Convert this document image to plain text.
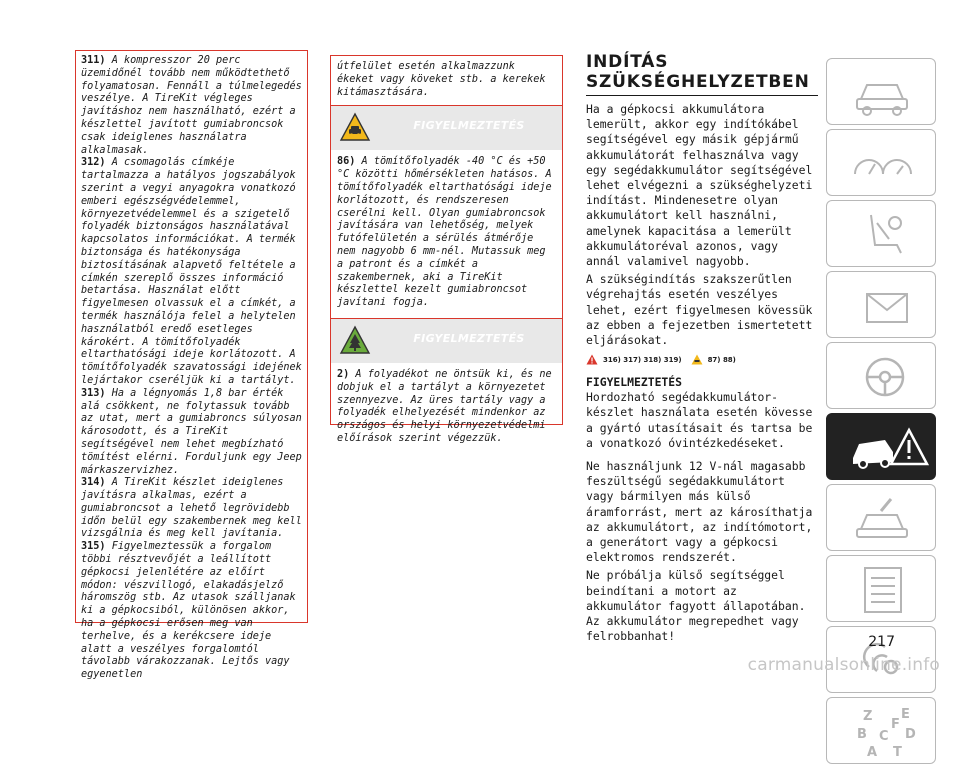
311) A kompresszor 20 perc üzemidőnél tovább nem működtethető folyamatosan. Fennáll a túlmelegedés veszélye. A TireKit végleges javításhoz nem használható, ezért a készlettel javított gumiabroncsok csak ideiglenes használatra alkalmasak.

312) A csomagolás címkéje tartalmazza a hatályos jogszabályok szerint a vegyi anyagokra vonatkozó emberi egészségvédelemmel, környezetvédelemmel és a szigetelő folyadék biztonságos használatával kapcsolatos információkat. A termék biztonsága és hatékonysága biztosításának alapvető feltétele a címkén szereplő összes információ betartása. Használat előtt figyelmesen olvassuk el a címkét, a termék használója felel a helytelen használatból eredő esetleges károkért. A tömítőfolyadék eltarthatósági ideje korlátozott. A tömítőfolyadék szavatossági idejének lejártakor cseréljük ki a tartályt.

313) Ha a légnyomás 1,8 bar érték alá csökkent, ne folytassuk tovább az utat, mert a gumiabroncs súlyosan károsodott, és a TireKit segítségével nem lehet megbízható tömítést elérni. Forduljunk egy Jeep márkaszervizhez.

314) A TireKit készlet ideiglenes javításra alkalmas, ezért a gumiabroncsot a lehető legrövidebb időn belül egy szakembernek meg kell vizsgálnia és meg kell javítania.

315) Figyelmeztessük a forgalom többi résztvevőjét a leállított gépkocsi jelenlétére az előírt módon: vészvillogó, elakadásjelző háromszög stb. Az utasok szálljanak ki a gépkocsiból, különösen akkor, ha a gépkocsi erősen meg van terhelve, és a kerékcsere ideje alatt a veszélyes forgalomtól távolabb várakozzanak. Lejtős vagy egyenetlen

útfelület esetén alkalmazzunk ékeket vagy köveket stb. a kerekek kitámasztására.
FIGYELMEZTETÉS
86) A tömítőfolyadék -40 °C és +50 °C közötti hőmérsékleten hatásos. A tömítőfolyadék eltarthatósági ideje korlátozott, és rendszeresen cserélni kell. Olyan gumiabroncsok javítására van lehetőség, melyek futófelületén a sérülés átmérője nem nagyobb 6 mm-nél. Mutassuk meg a patront és a címkét a szakembernek, aki a TireKit készlettel kezelt gumiabroncsot javítani fogja.
FIGYELMEZTETÉS
2) A folyadékot ne öntsük ki, és ne dobjuk el a tartályt a környezetet szennyezve. Az üres tartály vagy a folyadék elhelyezését mindenkor az országos és helyi környezetvédelmi előírások szerint végezzük.
INDÍTÁS
SZÜKSÉGHELYZETBEN

Ha a gépkocsi akkumulátora lemerült, akkor egy indítókábel segítségével egy másik gépjármű akkumulátorát felhasználva vagy egy segédakkumulátor segítségével lehet elvégezni a szükséghelyzeti indítást. Mindenesetre olyan akkumulátort kell használni, amelynek kapacitása a lemerült akkumulátoréval azonos, vagy annál valamivel nagyobb.

A szükségindítás szakszerűtlen végrehajtás esetén veszélyes lehet, ezért figyelmesen kövessük az ebben a fejezetben ismertetett eljárásokat.

316) 317) 318) 319)	87) 88)
FIGYELMEZTETÉS

Hordozható segédakkumulátor-készlet használata esetén kövesse a gyártó utasításait és tartsa be a vonatkozó óvintézkedéseket.

Ne használjunk 12 V-nál magasabb feszültségű segédakkumulátort vagy bármilyen más külső áramforrást, mert az károsíthatja az akkumulátort, az indítómotort, a generátort vagy a gépkocsi elektromos rendszerét.

Ne próbálja külső segítséggel beindítani a motort az akkumulátor fagyott állapotában. Az akkumulátor megrepedhet vagy felrobbanhat!

Z E
B C D
A
F
T
217
carmanualsonline.info
